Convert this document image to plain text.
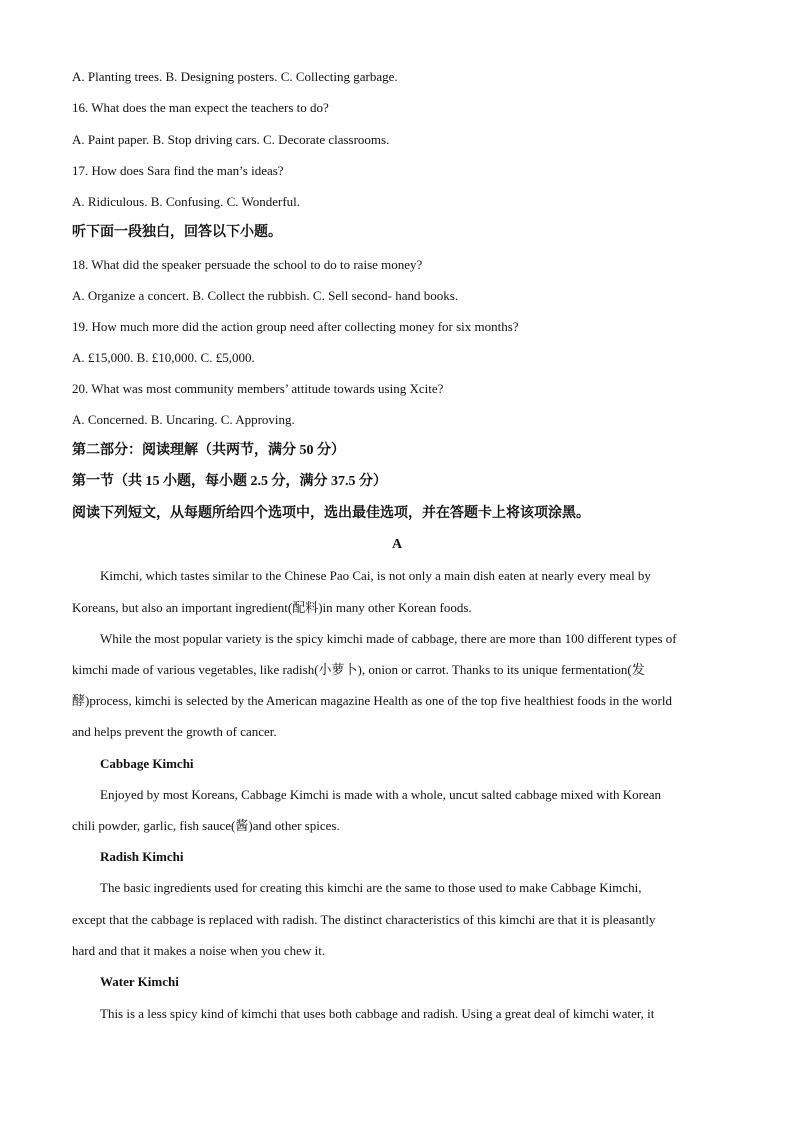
A. Planting trees. B. Designing posters. C. Collecting garbage.
16. What does the man expect the teachers to do?
A. Paint paper. B. Stop driving cars. C. Decorate classrooms.
17. How does Sara find the man’s ideas?
A. Ridiculous. B. Confusing. C. Wonderful.
听下面一段独白，回答以下小题。
18. What did the speaker persuade the school to do to raise money?
A. Organize a concert. B. Collect the rubbish. C. Sell second- hand books.
19. How much more did the action group need after collecting money for six months?
A. £15,000. B. £10,000. C. £5,000.
20. What was most community members’ attitude towards using Xcite?
A. Concerned. B. Uncaring. C. Approving.
第二部分：阅读理解（共两节，满分 50 分）
第一节（共 15 小题，每小题 2.5 分，满分 37.5 分）
阅读下列短文，从每题所给四个选项中，选出最佳选项，并在答题卡上将该项涂黑。
A
Kimchi, which tastes similar to the Chinese Pao Cai, is not only a main dish eaten at nearly every meal by
Koreans, but also an important ingredient(配料)in many other Korean foods.
While the most popular variety is the spicy kimchi made of cabbage, there are more than 100 different types of
kimchi made of various vegetables, like radish(小萝卜), onion or carrot. Thanks to its unique fermentation(发
酵)process, kimchi is selected by the American magazine Health as one of the top five healthiest foods in the world
and helps prevent the growth of cancer.
Cabbage Kimchi
Enjoyed by most Koreans, Cabbage Kimchi is made with a whole, uncut salted cabbage mixed with Korean
chili powder, garlic, fish sauce(酱)and other spices.
Radish Kimchi
The basic ingredients used for creating this kimchi are the same to those used to make Cabbage Kimchi,
except that the cabbage is replaced with radish. The distinct characteristics of this kimchi are that it is pleasantly
hard and that it makes a noise when you chew it.
Water Kimchi
This is a less spicy kind of kimchi that uses both cabbage and radish. Using a great deal of kimchi water, it
